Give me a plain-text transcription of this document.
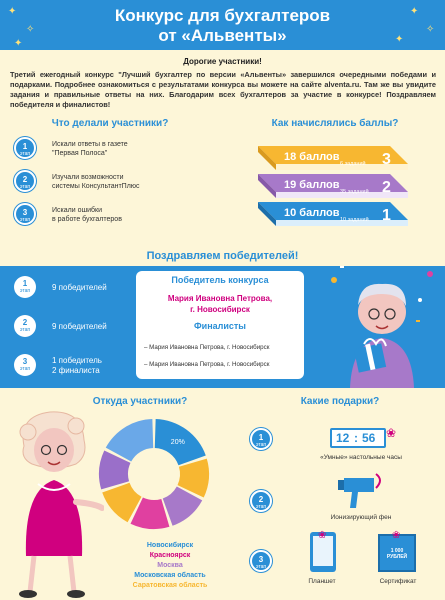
✦
✧
✦
✦
✧
✦
Конкурс для бухгалтеров
от «Альвенты»
Дорогие участники!
Третий ежегодный конкурс "Лучший бухгалтер по версии «Альвенты» завершился очередными победами и подарками. Подробнее ознакомиться с результатами конкурса вы можете на сайте alventa.ru. Там же вы увидите задания и правильные ответы на них. Благодарим всех бухгалтеров за участие в конкурсе! Поздравляем победителя и финалистов!
Что делали участники?
1
этап
Искали ответы в газете
"Первая Полоса"
2
этап
Изучали возможности
системы КонсультантПлюс
3
этап
Искали ошибки
в работе бухгалтеров
Как начислялись баллы?
3
2
1
18 баллов
6 заданий
19 баллов
35 заданий
10 баллов
10 заданий
Поздравляем победителей!
1
этап	9 победителей
2
этап	9 победителей
3
этап
1 победитель
2 финалиста
Победитель конкурса
Мария Ивановна Петрова,
г. Новосибирск
Финалисты
– Мария Ивановна Петрова, г. Новосибирск
– Мария Ивановна Петрова, г. Новосибирск
Откуда участники?
20%
Новосибирск
Красноярск
Москва
Московская область
Саратовская область
Какие подарки?
1
этап
2
этап
3
этап
12 : 56 ❀
«Умные» настольные часы
Ионизирующий фен
❀
Планшет
1 000 РУБЛЕЙ
❀
Сертификат
